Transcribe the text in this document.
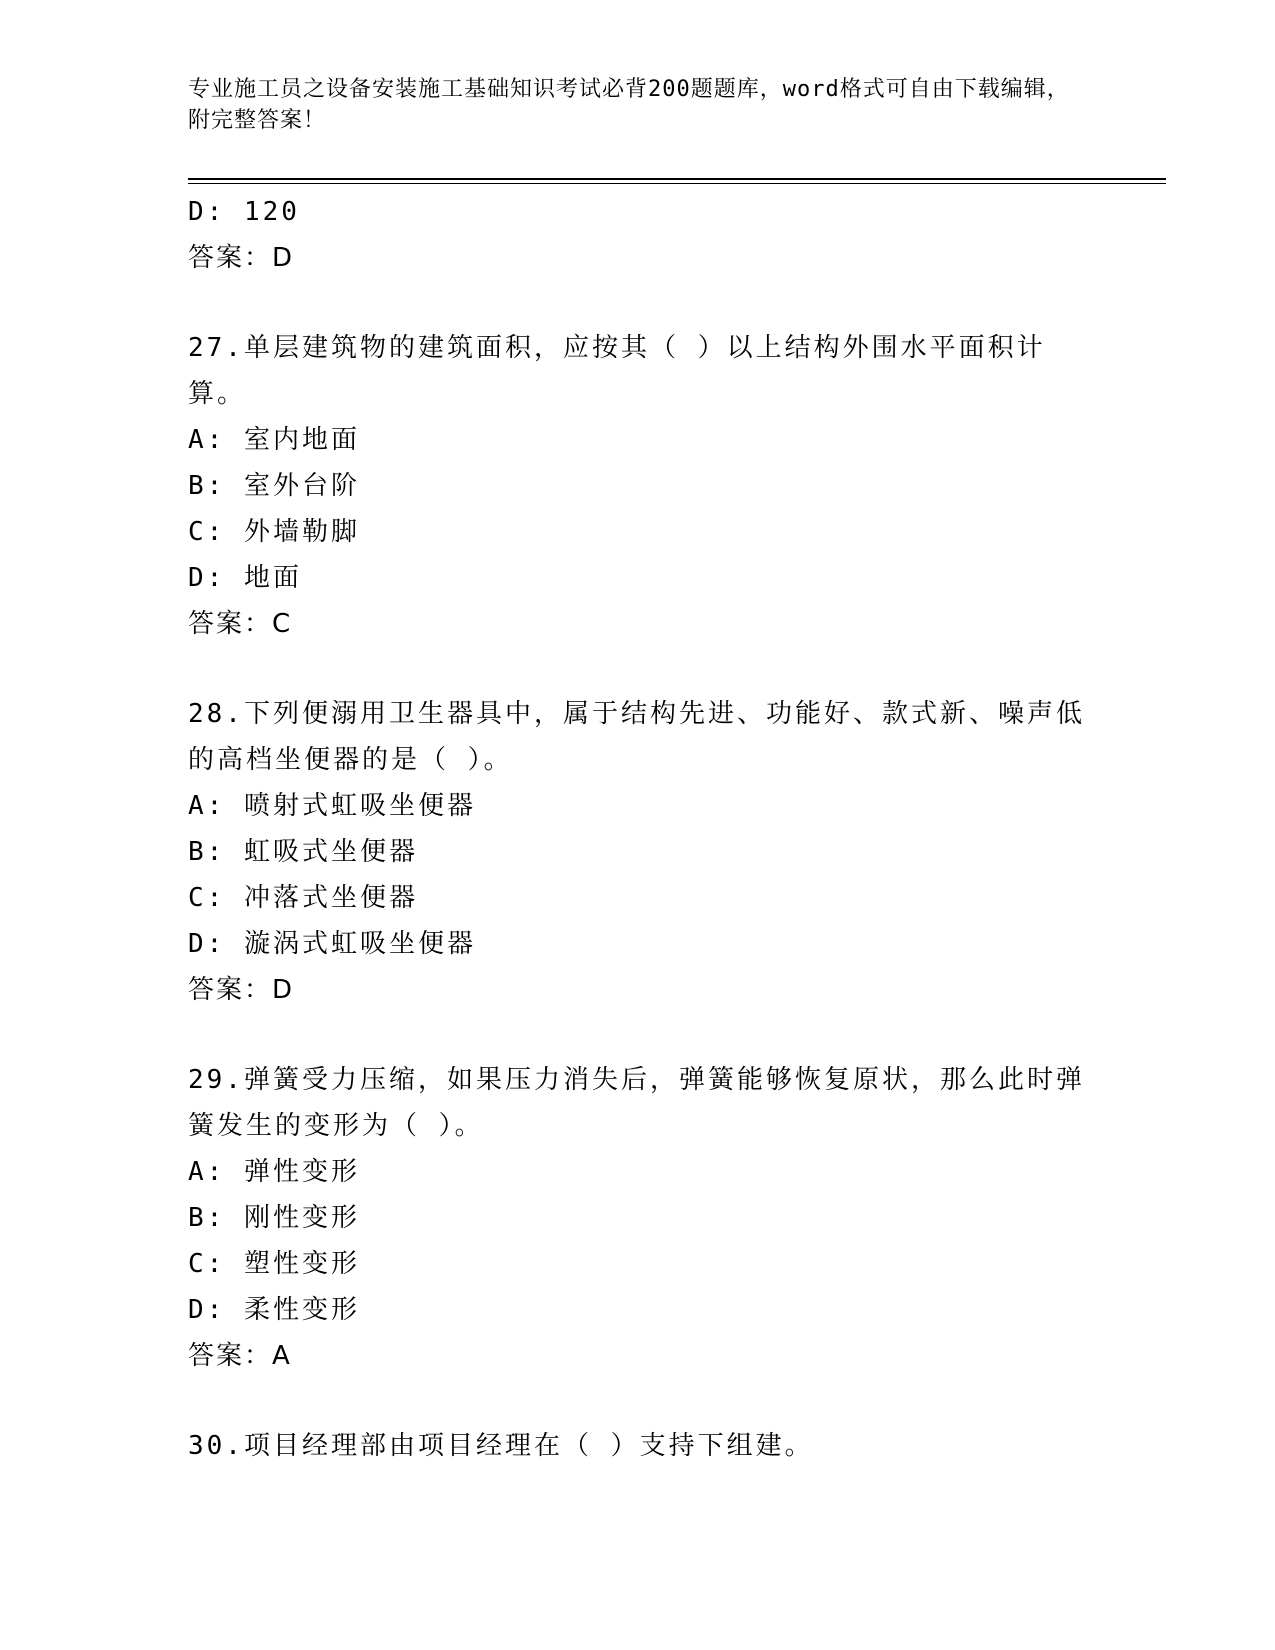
专业施工员之设备安装施工基础知识考试必背200题题库，word格式可自由下载编辑，附完整答案！
D: 120
答案：D
27.单层建筑物的建筑面积，应按其（ ）以上结构外围水平面积计算。
A: 室内地面
B: 室外台阶
C: 外墙勒脚
D: 地面
答案：C
28.下列便溺用卫生器具中，属于结构先进、功能好、款式新、噪声低的高档坐便器的是（ ）。
A: 喷射式虹吸坐便器
B: 虹吸式坐便器
C: 冲落式坐便器
D: 漩涡式虹吸坐便器
答案：D
29.弹簧受力压缩，如果压力消失后，弹簧能够恢复原状，那么此时弹簧发生的变形为（ ）。
A: 弹性变形
B: 刚性变形
C: 塑性变形
D: 柔性变形
答案：A
30.项目经理部由项目经理在（ ）支持下组建。
